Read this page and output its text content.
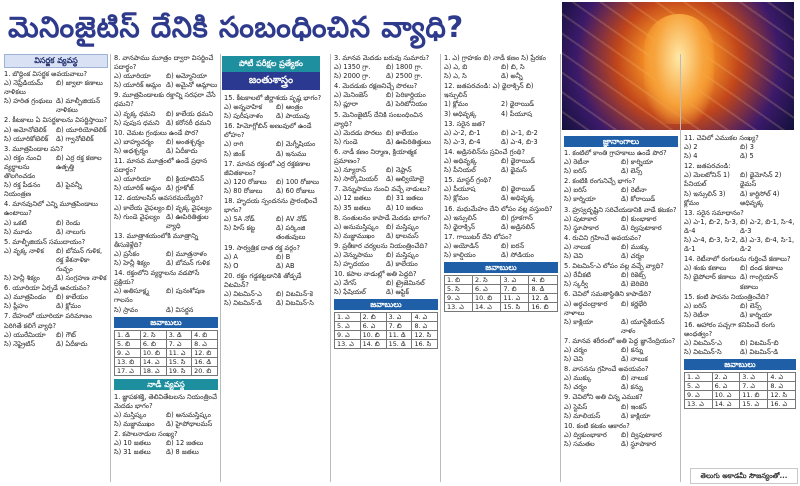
మెనింజైటిస్ దేనికి సంబంధించిన వ్యాధి?
పోటీ పరీక్షల ప్రత్యేకం
జంతుశాస్త్రం
విసర్జక వ్యవస్థ
1. బొద్దింక విసర్జక అవయవాలు?
ఎ) నెఫ్రీడియమ్ నాళికలు
బి) జ్వాలా కణాలు
సి) హరిత గ్రంథులు డి) మాల్ఫీజియన్ నాళికలు
2. కీటకాలు ఏ విసర్జకాలను విసర్జిస్తాయి?
ఎ) అమోనోటెలిక్	బి) యూరియోటెలిక్
సి) యూరికోటెలిక్	డి) గ్వానోటెలిక్
3. మూత్రపిండాల పని?
ఎ) రక్తం నుంచి వ్యర్థాలను తొలగించడం
బి) ఎర్ర రక్త కణాల ఉత్పత్తి
సి) రక్త పీడనం నియంత్రణ
డి) పైవన్నీ
4. మానవునిలో ఎన్ని మూత్రపిండాలు ఉంటాయి?
ఎ) ఒకటి	బి) రెండు
సి) మూడు	డి) నాలుగు
5. మాల్ఫీజియన్ సముదాయం?
ఎ) వృక్క నాళిక	బి) బోమన్ గుళిక, రక్త కేశనాళికా గుచ్ఛం
సి) హెన్లీ శిక్యం	డి) సంగ్రహణ నాళిక
6. యూరియా ఏర్పడే అవయవం?
ఎ) మూత్రపిండం	బి) కాలేయం
సి) ప్లీహం	డి) క్లోమం
7. దేహంలో యూరియా పరిమాణం పెరిగితే కలిగే వ్యాధి?
ఎ) యురేమియా	బి) గౌట్
సి) నెఫ్రైటిస్	డి) ఏదీకాదు
8. వానపాము మూత్రం ద్వారా విసర్జించే పదార్థం?
ఎ) యూరియా	బి) అమ్మోనియా
సి) యూరిక్ ఆమ్లం డి) అమైనో ఆమ్లాలు
9. మూత్రపిండాలకు రక్తాన్ని సరఫరా చేసే ధమని?
ఎ) వృక్క ధమని	బి) కాలేయ ధమని
సి) పుపుస ధమని డి) కరోనరీ ధమని
10. చెమట గ్రంథులు ఉండే పొర?
ఎ) బాహ్యచర్మం	బి) అంతశ్చర్మం
సి) అధశ్చర్మం	డి) ఏదీకాదు
11. మానవ మూత్రంలో ఉండే ప్రధాన పదార్థం?
ఎ) యూరియా	బి) క్రియాటినిన్
సి) యూరిక్ ఆమ్లం డి) గ్లూకోజ్
12. డయాలసిస్ అవసరమయ్యేది?
ఎ) కాలేయ వైఫల్యం బి) వృక్క వైఫల్యం
సి) గుండె వైఫల్యం డి) ఊపిరితిత్తుల వ్యాధి
13. మూత్రాశయంలోకి మూత్రాన్ని తీసుకెళ్లేది?
ఎ) ప్రసేకం	బి) మూత్రనాళం
సి) హెన్లీ శిక్యం	డి) బోమన్ గుళిక
14. రక్తంలోని వ్యర్థాలను వడపోసే ప్రక్రియ?
ఎ) అతిసూక్ష్మ గాలనం
బి) పునఃశోషణ
సి) స్రావం	డి) విసర్జన
జవాబులు
1. డి	2. సి	3. డి	4. బి
5. బి	6. బి	7. ఎ	8. ఎ
9. ఎ	10. బి	11. ఎ	12. బి
13. బి	14. ఎ	15. సి	16. డి
17. ఎ	18. ఎ	19. సి	20. బి
నాడీ వ్యవస్థ
1. జ్ఞాపకశక్తి, తెలివితేటలను నియంత్రించే మెదడు భాగం?
ఎ) మస్తిష్కం	బి) అనుమస్తిష్కం
సి) మజ్జాముఖం	డి) హైపోథాలమస్
2. కపాలనాడుల సంఖ్య?
ఎ) 10 జతలు	బి) 12 జతలు
సి) 31 జతలు	డి) 8 జతలు
15. కీటకాలలో జీర్ణాశయ పృష్ఠ భాగం?
ఎ) అన్నవాహిక	బి) ఆంత్రం
సి) పురీషనాళం	డి) పాయువు
16. హిమోగ్లోబిన్ అణువులో ఉండే లోహం?
ఎ) రాగి	బి) మెగ్నీషియం
సి) జింక్	డి) ఇనుము
17. మానవ రక్తంలో ఎర్ర రక్తకణాల జీవితకాలం?
ఎ) 120 రోజులు	బి) 100 రోజులు
సి) 80 రోజులు	డి) 60 రోజులు
18. హృదయ స్పందనను ప్రారంభించే భాగం?
ఎ) SA నోడ్	బి) AV నోడ్
సి) హిస్ కట్ట	డి) పర్కింజి తంతువులు
19. సార్వత్రిక దాత రక్త వర్గం?
ఎ) A	బి) B
సి) O	డి) AB
20. రక్తం గడ్డకట్టడానికి తోడ్పడే విటమిన్?
ఎ) విటమిన్-ఎ	బి) విటమిన్-కె
సి) విటమిన్-డి	డి) విటమిన్-సి
3. మానవ మెదడు బరువు సుమారు?
ఎ) 1350 గ్రా.	బి) 1800 గ్రా.
సి) 2000 గ్రా.	డి) 2500 గ్రా.
4. మెదడుకు రక్షణనిచ్చే పొరలు?
ఎ) మెనింజెస్	బి) పెరికార్డియం
సి) ప్లూరా	డి) పెరిటోనియం
5. మెనింజైటిస్ దేనికి సంబంధించిన వ్యాధి?
ఎ) మెదడు పొరలు బి) కాలేయం
సి) గుండె	డి) ఊపిరితిత్తులు
6. నాడీ కణం నిర్మాణ, క్రియాత్మక ప్రమాణం?
ఎ) న్యూరాన్	బి) నెఫ్రాన్
సి) సార్కోమియర్	డి) ఆల్వియోలై
7. వెన్నుపాము నుంచి వచ్చే నాడులు?
ఎ) 12 జతలు	బి) 31 జతలు
సి) 35 జతలు	డి) 10 జతలు
8. సంతులనం కాపాడే మెదడు భాగం?
ఎ) అనుమస్తిష్కం	బి) మస్తిష్కం
సి) మజ్జాముఖం	డి) థాలమస్
9. ప్రతీకార చర్యలను నియంత్రించేది?
ఎ) వెన్నుపాము	బి) మస్తిష్కం
సి) హృదయం	డి) కాలేయం
10. కపాల నాడుల్లో అతి పెద్దది?
ఎ) వేగస్	బి) ట్రైజెమినల్
సి) ఫేషియల్	డి) ఆప్టిక్
జవాబులు
1. ఎ	2. బి	3. ఎ	4. ఎ
5. ఎ	6. ఎ	7. బి	8. ఎ
9. ఎ	10. బి	11. డి	12. సి
13. ఎ	14. బి	15. డి	16. సి
1. ఎ) గ్రాహకం బి) నాడీ కణం సి) ప్రేరకం
ఎ) ఎ, బి	బి) బి, సి
సి) ఎ, సి	డి) అన్నీ
12. జతపరచండి: ఎ) థైరాక్సిన్ బి) ఇన్సులిన్
1) క్లోమం	2) థైరాయిడ్
3) అధివృక్క	4) పీయూష
13. సరైన జత?
ఎ) ఎ-2, బి-1	బి) ఎ-1, బి-2
సి) ఎ-3, బి-4	డి) ఎ-4, బి-3
14. అడ్రినలిన్‌ను స్రవించే గ్రంథి?
ఎ) అధివృక్క	బి) థైరాయిడ్
సి) పీనియల్	డి) థైమస్
15. మాస్టర్ గ్రంథి?
ఎ) పీయూష	బి) థైరాయిడ్
సి) క్లోమం	డి) అధివృక్క
16. మధుమేహం దేని లోపం వల్ల వస్తుంది?
ఎ) ఇన్సులిన్	బి) గ్లూకగాన్
సి) థైరాక్సిన్	డి) అడ్రినలిన్
17. గాయిటర్ దేని లోపం?
ఎ) అయోడిన్	బి) ఐరన్
సి) కాల్షియం	డి) సోడియం
జవాబులు
1. బి	2. సి	3. ఎ	4. బి
5. సి	6. ఎ	7. బి	8. డి
9. ఎ	10. బి	11. ఎ	12. డి
13. ఎ	14. ఎ	15. సి	16. బి
జ్ఞానాంగాలు
1. కంటిలో కాంతి గ్రాహకాలు ఉండే పొర?
ఎ) రెటీనా	బి) కార్నియా
సి) ఐరిస్	డి) లెన్స్
2. కంటికి రంగునిచ్చే భాగం?
ఎ) ఐరిస్	బి) రెటీనా
సి) కార్నియా	డి) కోరాయిడ్
3. హ్రస్వదృష్టిని సరిచేయడానికి వాడే కటకం?
ఎ) పుటాకార	బి) కుంభాకార
సి) స్థూపాకార	డి) ద్విపుటాకార
4. రుచిని గ్రహించే అవయవం?
ఎ) నాలుక	బి) ముక్కు
సి) చెవి	డి) చర్మం
5. విటమిన్-ఎ లోపం వల్ల వచ్చే వ్యాధి?
ఎ) రేచీకటి	బి) రికెట్స్
సి) స్కర్వీ	డి) బెరిబెరి
6. చెవిలో సమతాస్థితిని కాపాడేది?
ఎ) అర్ధచంద్రాకార నాళాలు
బి) కర్ణభేరి
సి) కాక్లియా	డి) యూస్టేకియన్ నాళం
7. మానవ శరీరంలో అతి పెద్ద జ్ఞానేంద్రియం?
ఎ) చర్మం	బి) కన్ను
సి) చెవి	డి) నాలుక
8. వాసనను గ్రహించే అవయవం?
ఎ) ముక్కు	బి) నాలుక
సి) చర్మం	డి) కన్ను
9. చెవిలోని అతి చిన్న ఎముక?
ఎ) స్టెపిస్	బి) ఇంకస్
సి) మాలియస్	డి) కాక్లియా
10. కంటి కటకం ఆకారం?
ఎ) ద్వికుంభాకార	బి) ద్విపుటాకార
సి) సమతల	డి) స్థూపాకార
11. చెవిలో ఎముకల సంఖ్య?
ఎ) 2	బి) 3
సి) 4	డి) 5
12. జతపరచండి:
ఎ) మెలటోనిన్ 1) పీనియల్
బి) థైమోసిన్ 2) థైమస్
సి) ఇన్సులిన్ 3) క్లోమం
డి) కార్టిసోల్ 4) అధివృక్క
13. సరైన సమాధానం?
ఎ) ఎ-1, బి-2, సి-3, డి-4
బి) ఎ-2, బి-1, సి-4, డి-3
సి) ఎ-4, బి-3, సి-2, డి-1
డి) ఎ-3, బి-4, సి-1, డి-2
14. రెటీనాలో రంగులను గుర్తించే కణాలు?
ఎ) శంకు కణాలు	బి) దండ కణాలు
సి) బైపోలార్ కణాలు డి) గాంగ్లియాన్ కణాలు
15. కంటి పాపను నియంత్రించేది?
ఎ) ఐరిస్	బి) లెన్స్
సి) రెటీనా	డి) కార్నియా
16. ఆహారం పచ్చగా కనిపించే రంగు అంధత్వం?
ఎ) విటమిన్-ఎ	బి) విటమిన్-బి
సి) విటమిన్-సి	డి) విటమిన్-డి
జవాబులు
1. ఎ	2. ఎ	3. ఎ	4. ఎ
5. ఎ	6. ఎ	7. ఎ	8. ఎ
9. ఎ	10. ఎ	11. బి	12. సి
13. ఎ	14. ఎ	15. ఎ	16. ఎ
తెలుగు అకాడమీ సౌజన్యంతో...
